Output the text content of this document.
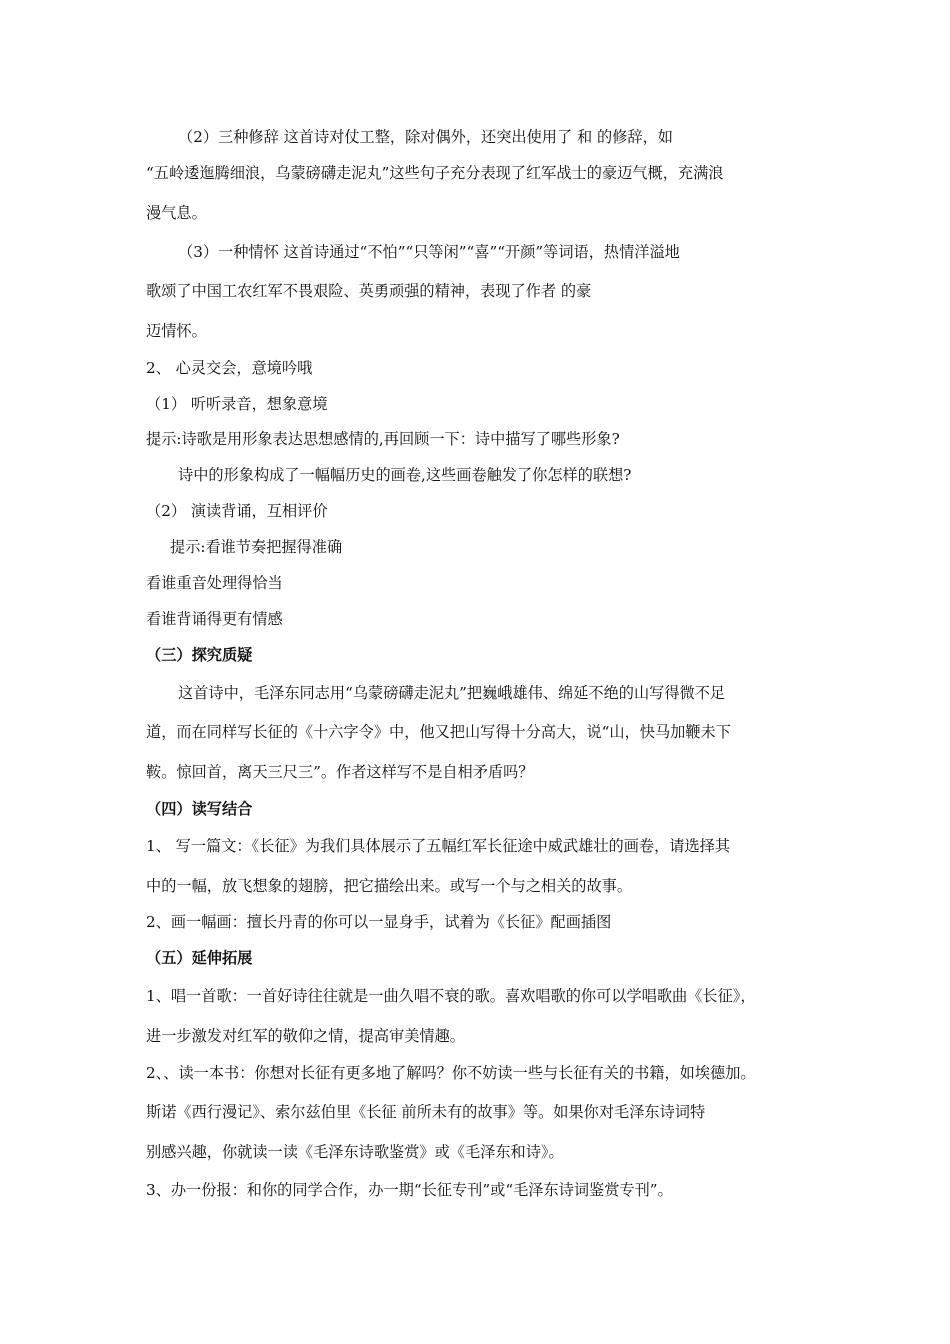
（2）三种修辞 这首诗对仗工整，除对偶外，还突出使用了 和 的修辞，如
“五岭逶迤腾细浪，乌蒙磅礴走泥丸”这些句子充分表现了红军战士的豪迈气概，充满浪
漫气息。
（3）一种情怀 这首诗通过“不怕”“只等闲”“喜”“开颜”等词语，热情洋溢地
歌颂了中国工农红军不畏艰险、英勇顽强的精神，表现了作者 的豪
迈情怀。
2、 心灵交会，意境吟哦
（1） 听听录音，想象意境
提示:诗歌是用形象表达思想感情的,再回顾一下：诗中描写了哪些形象?
诗中的形象构成了一幅幅历史的画卷,这些画卷触发了你怎样的联想?
（2） 演读背诵，互相评价
提示:看谁节奏把握得准确
看谁重音处理得恰当
看谁背诵得更有情感
（三）探究质疑
这首诗中，毛泽东同志用“乌蒙磅礴走泥丸”把巍峨雄伟、绵延不绝的山写得微不足
道，而在同样写长征的《十六字令》中，他又把山写得十分高大，说“山，快马加鞭未下
鞍。惊回首，离天三尺三”。作者这样写不是自相矛盾吗？
（四）读写结合
1、 写一篇文：《长征》为我们具体展示了五幅红军长征途中威武雄壮的画卷，请选择其
中的一幅，放飞想象的翅膀，把它描绘出来。或写一个与之相关的故事。
2、画一幅画：擅长丹青的你可以一显身手，试着为《长征》配画插图
（五）延伸拓展
1、唱一首歌：一首好诗往往就是一曲久唱不衰的歌。喜欢唱歌的你可以学唱歌曲《长征》，
进一步激发对红军的敬仰之情，提高审美情趣。
2、、读一本书：你想对长征有更多地了解吗？你不妨读一些与长征有关的书籍，如埃德加。
斯诺《西行漫记》、索尔兹伯里《长征 前所未有的故事》等。如果你对毛泽东诗词特
别感兴趣，你就读一读《毛泽东诗歌鉴赏》或《毛泽东和诗》。
3、办一份报：和你的同学合作，办一期“长征专刊”或“毛泽东诗词鉴赏专刊”。
